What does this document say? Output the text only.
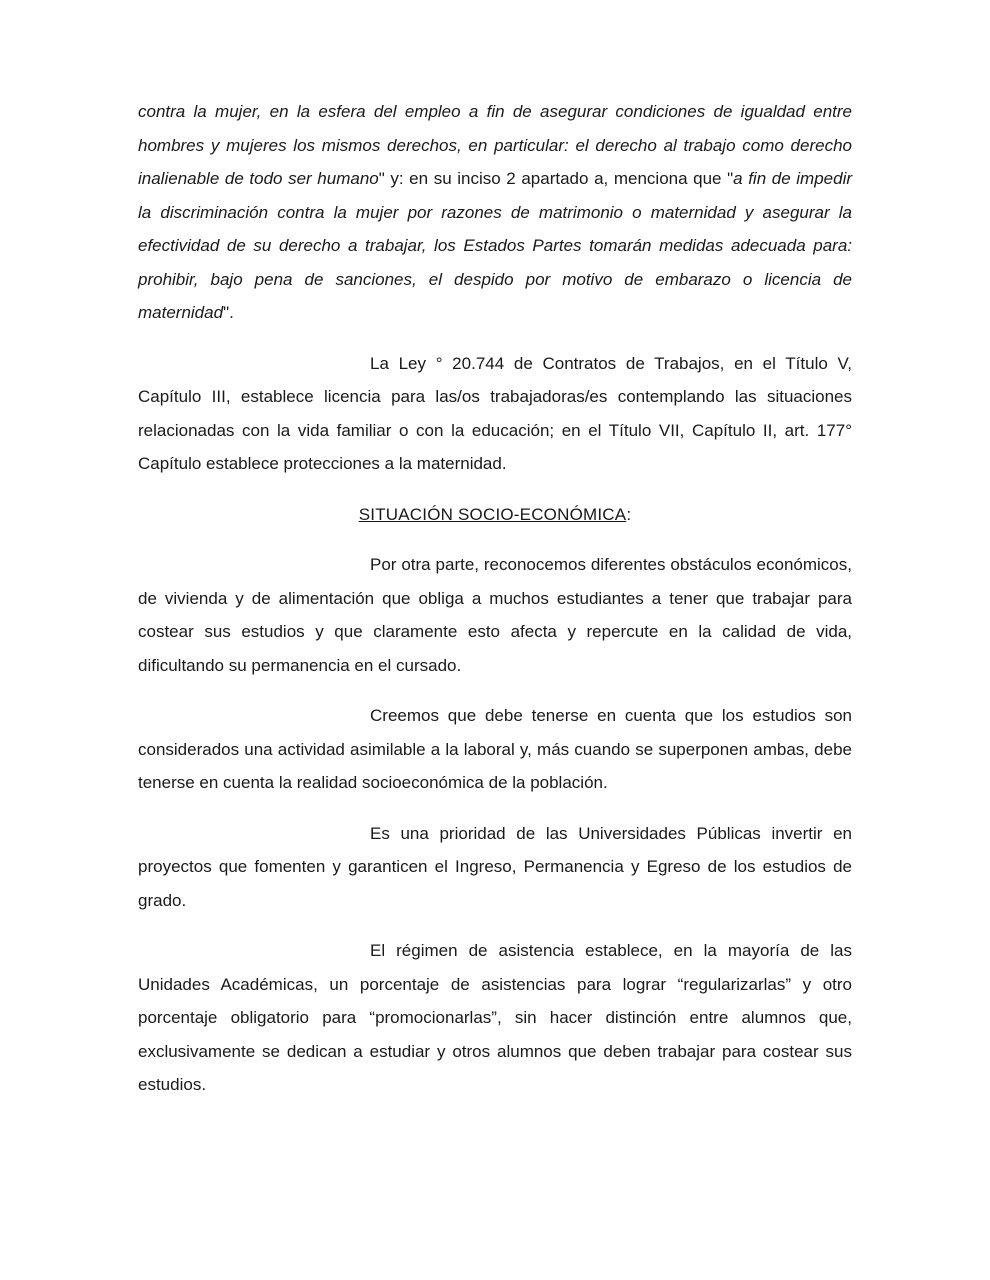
contra la mujer, en la esfera del empleo a fin de asegurar condiciones de igualdad entre hombres y mujeres los mismos derechos, en particular: el derecho al trabajo como derecho inalienable de todo ser humano" y: en su inciso 2 apartado a, menciona que "a fin de impedir la discriminación contra la mujer por razones de matrimonio o maternidad y asegurar la efectividad de su derecho a trabajar, los Estados Partes tomarán medidas adecuada para: prohibir, bajo pena de sanciones, el despido por motivo de embarazo o licencia de maternidad".

La Ley ° 20.744 de Contratos de Trabajos, en el Título V, Capítulo III, establece licencia para las/os trabajadoras/es contemplando las situaciones relacionadas con la vida familiar o con la educación; en el Título VII, Capítulo II, art. 177° Capítulo establece protecciones a la maternidad.

SITUACIÓN SOCIO-ECONÓMICA:

Por otra parte, reconocemos diferentes obstáculos económicos, de vivienda y de alimentación que obliga a muchos estudiantes a tener que trabajar para costear sus estudios y que claramente esto afecta y repercute en la calidad de vida, dificultando su permanencia en el cursado.

Creemos que debe tenerse en cuenta que los estudios son considerados una actividad asimilable a la laboral y, más cuando se superponen ambas, debe tenerse en cuenta la realidad socioeconómica de la población.

Es una prioridad de las Universidades Públicas invertir en proyectos que fomenten y garanticen el Ingreso, Permanencia y Egreso de los estudios de grado.

El régimen de asistencia establece, en la mayoría de las Unidades Académicas, un porcentaje de asistencias para lograr “regularizarlas” y otro porcentaje obligatorio para “promocionarlas”, sin hacer distinción entre alumnos que, exclusivamente se dedican a estudiar y otros alumnos que deben trabajar para costear sus estudios.
